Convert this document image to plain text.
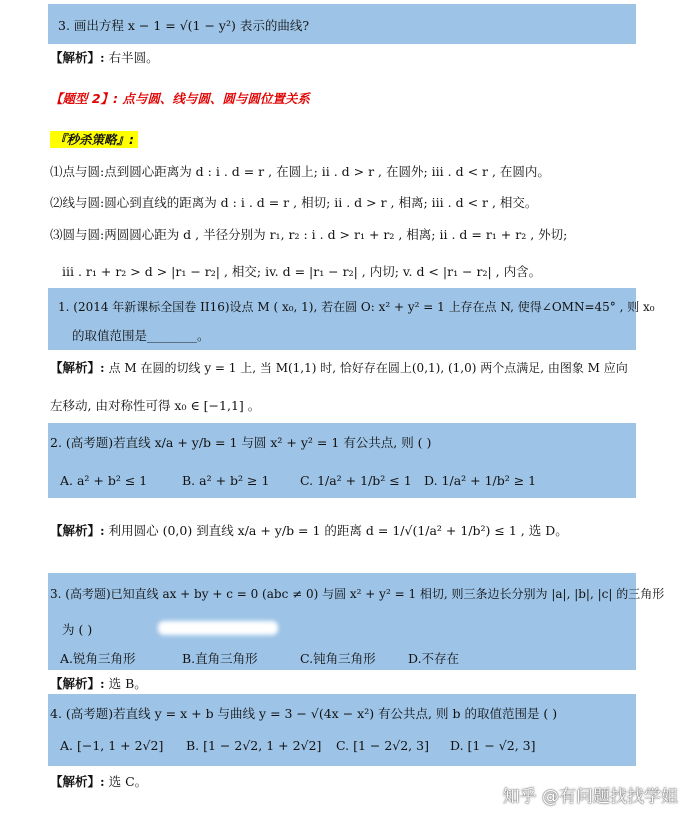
3. 画出方程 x − 1 = √(1 − y²) 表示的曲线?
【解析】: 右半圆。
【题型 2】: 点与圆、线与圆、圆与圆位置关系
『秒杀策略』:
⑴点与圆:点到圆心距离为 d : i . d = r , 在圆上; ii . d > r , 在圆外; iii . d < r , 在圆内。
⑵线与圆:圆心到直线的距离为 d : i . d = r , 相切; ii . d > r , 相离; iii . d < r , 相交。
⑶圆与圆:两圆圆心距为 d , 半径分别为 r₁, r₂ : i . d > r₁ + r₂ , 相离; ii . d = r₁ + r₂ , 外切;
iii . r₁ + r₂ > d > |r₁ − r₂| , 相交; iv. d = |r₁ − r₂| , 内切; v. d < |r₁ − r₂| , 内含。
1. (2014 年新课标全国卷 II16)设点 M ( x₀, 1), 若在圆 O: x² + y² = 1 上存在点 N, 使得∠OMN=45° , 则 x₀
的取值范围是________。
【解析】: 点 M 在圆的切线 y = 1 上, 当 M(1,1) 时, 恰好存在圆上(0,1), (1,0) 两个点满足, 由图象 M 应向
左移动, 由对称性可得 x₀ ∈ [−1,1] 。
2. (高考题)若直线 x/a + y/b = 1 与圆 x² + y² = 1 有公共点, 则 ( )
A. a² + b² ≤ 1	B. a² + b² ≥ 1 C. 1/a² + 1/b² ≤ 1 D. 1/a² + 1/b² ≥ 1
【解析】: 利用圆心 (0,0) 到直线 x/a + y/b = 1 的距离 d = 1/√(1/a² + 1/b²) ≤ 1 , 选 D。
3. (高考题)已知直线 ax + by + c = 0 (abc ≠ 0) 与圆 x² + y² = 1 相切, 则三条边长分别为 |a|, |b|, |c| 的三角形
为 ( )
A.锐角三角形	B.直角三角形	C.钝角三角形	D.不存在
【解析】: 选 B。
4. (高考题)若直线 y = x + b 与曲线 y = 3 − √(4x − x²) 有公共点, 则 b 的取值范围是 ( )
A. [−1, 1 + 2√2] B. [1 − 2√2, 1 + 2√2] C. [1 − 2√2, 3] D. [1 − √2, 3]
【解析】: 选 C。
知乎 @有问题找找学姐
